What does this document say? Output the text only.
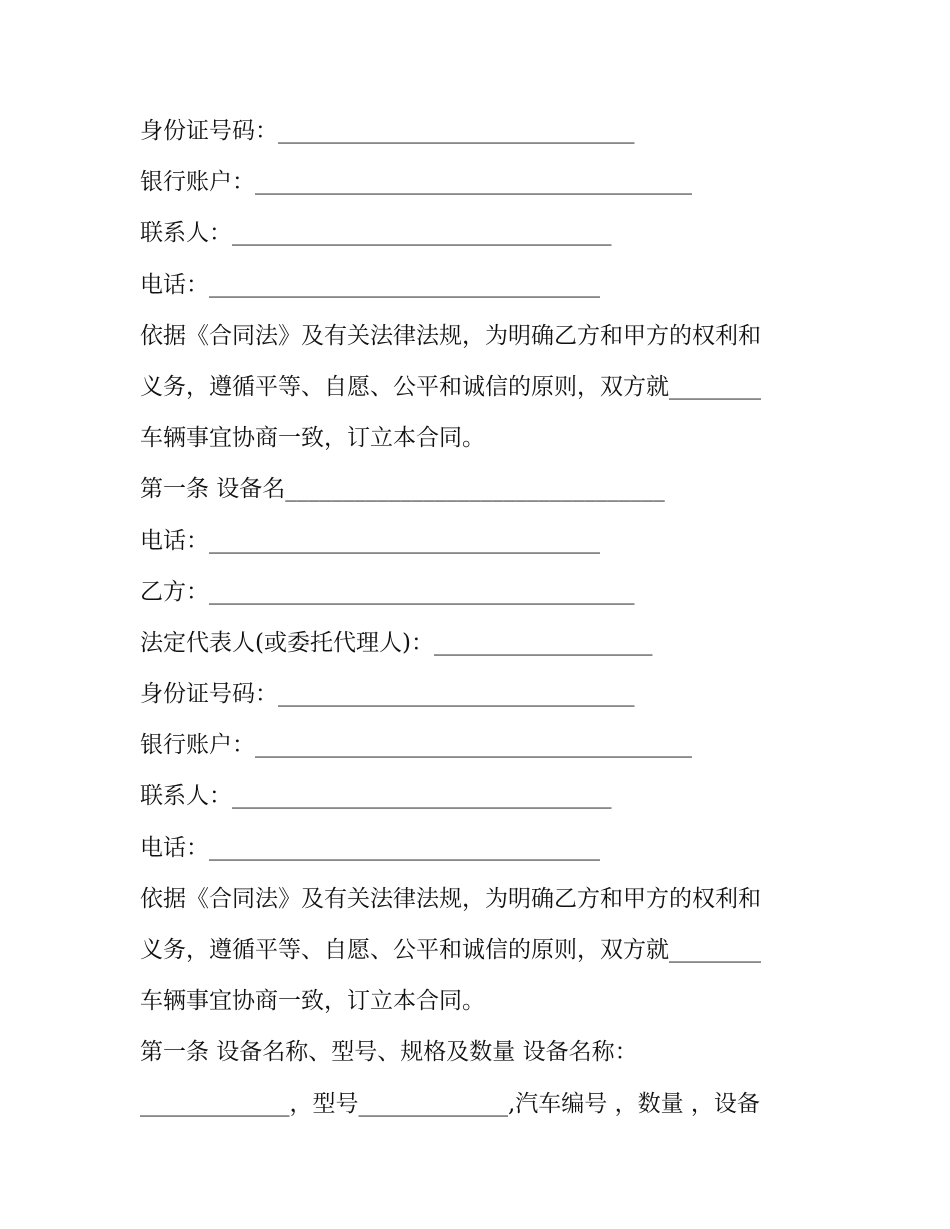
身份证号码：_______________________________
银行账户：______________________________________
联系人：_________________________________
电话：__________________________________
依据《合同法》及有关法律法规，为明确乙方和甲方的权利和
义务，遵循平等、自愿、公平和诚信的原则，双方就________
车辆事宜协商一致，订立本合同。
第一条 设备名_________________________________
电话：__________________________________
乙方：_____________________________________
法定代表人(或委托代理人)：___________________
身份证号码：_______________________________
银行账户：______________________________________
联系人：_________________________________
电话：__________________________________
依据《合同法》及有关法律法规，为明确乙方和甲方的权利和
义务，遵循平等、自愿、公平和诚信的原则，双方就________
车辆事宜协商一致，订立本合同。
第一条 设备名称、型号、规格及数量 设备名称：
_____________，型号_____________,汽车编号 ，数量 ，设备
